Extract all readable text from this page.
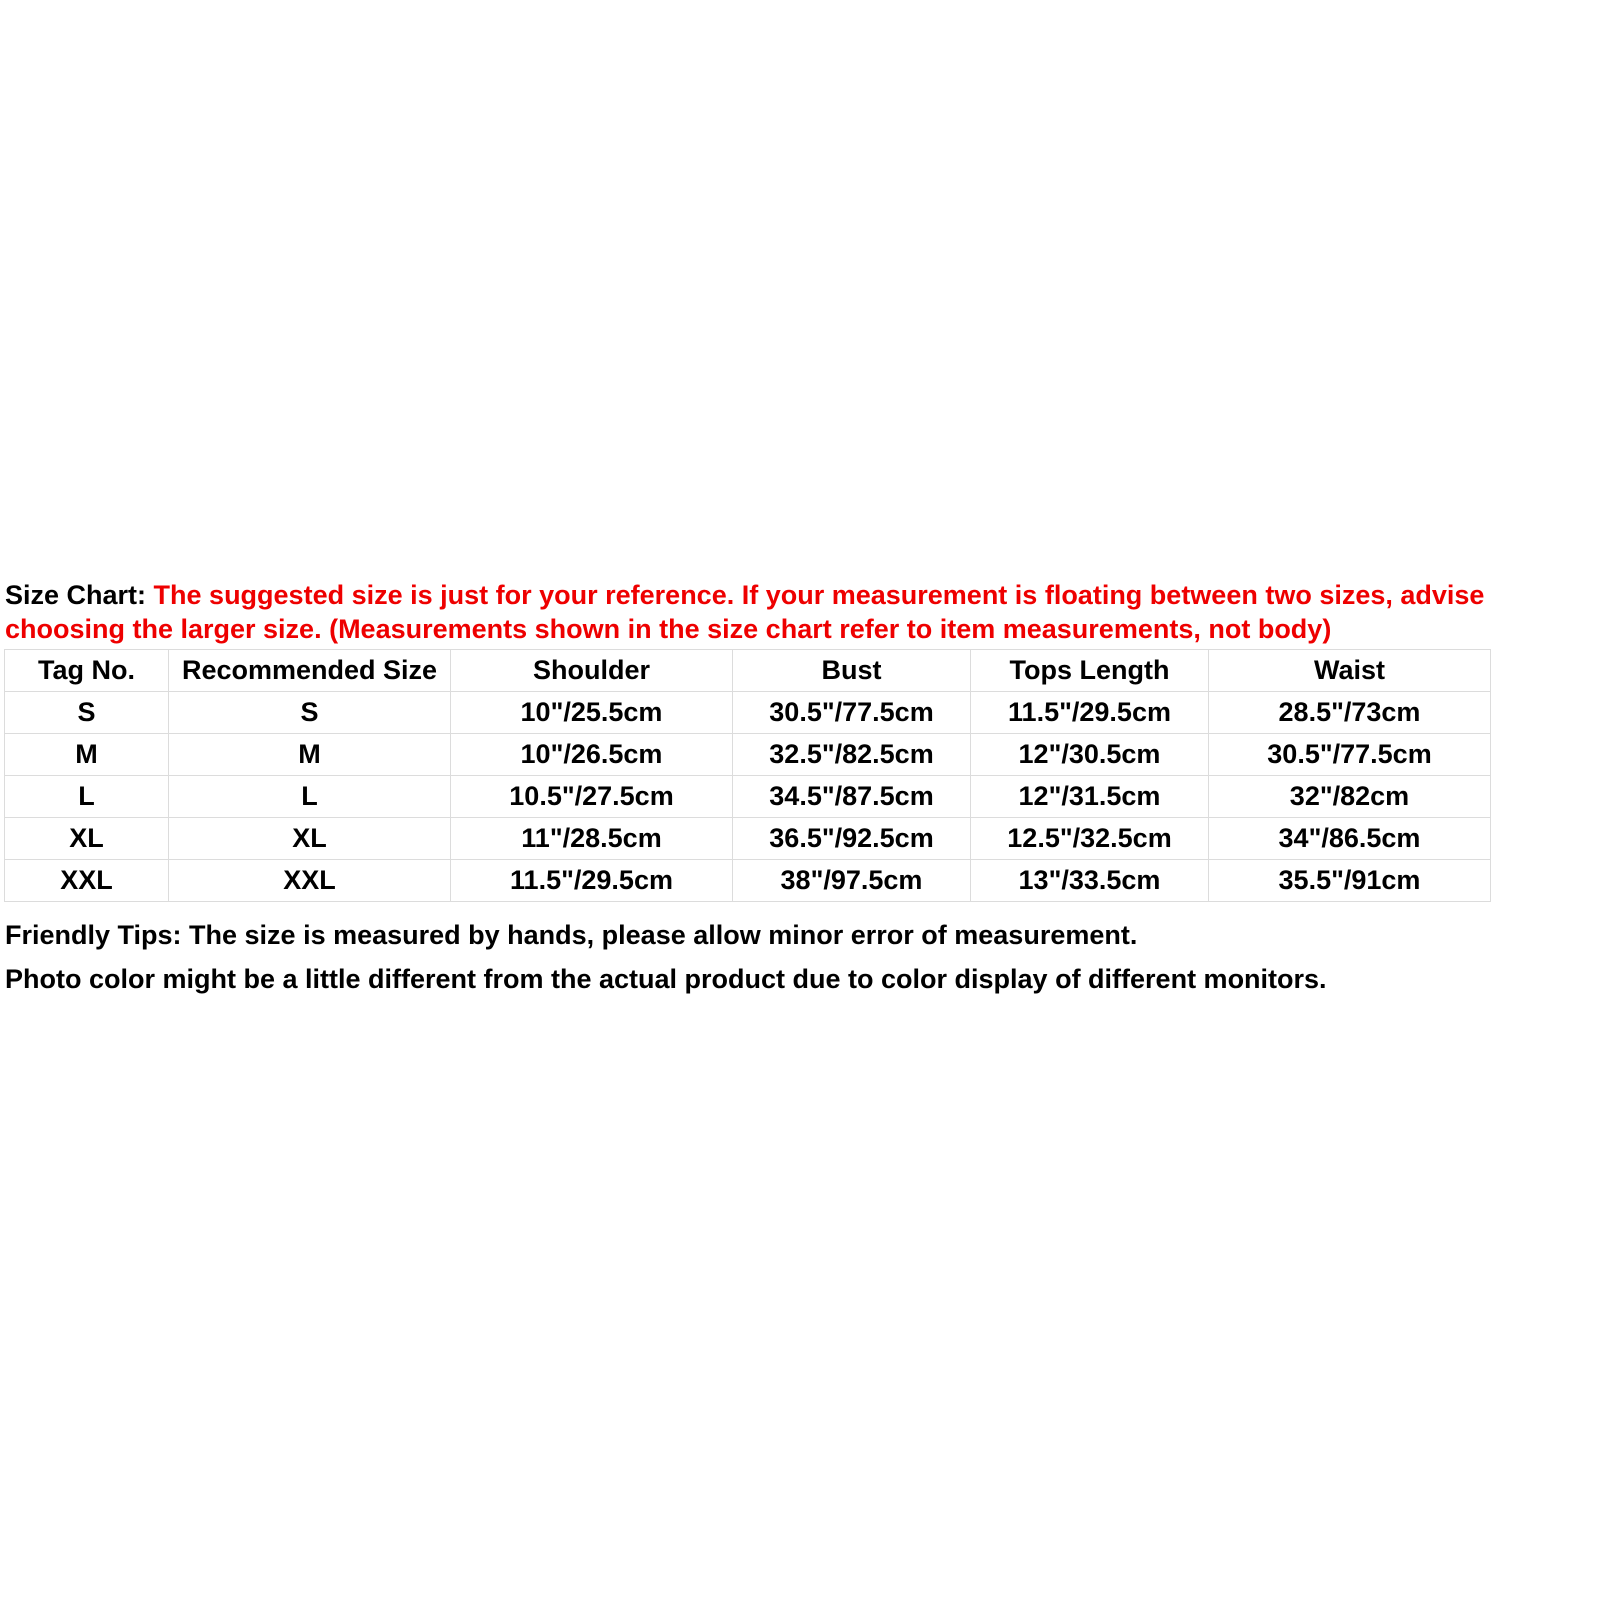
Size Chart: The suggested size is just for your reference. If your measurement is floating between two sizes, advise
choosing the larger size. (Measurements shown in the size chart refer to item measurements, not body)
Tag No.	Recommended Size	Shoulder	Bust	Tops Length	Waist
S	S	10"/25.5cm	30.5"/77.5cm	11.5"/29.5cm	28.5"/73cm
M	M	10"/26.5cm	32.5"/82.5cm	12"/30.5cm	30.5"/77.5cm
L	L	10.5"/27.5cm	34.5"/87.5cm	12"/31.5cm	32"/82cm
XL	XL	11"/28.5cm	36.5"/92.5cm	12.5"/32.5cm	34"/86.5cm
XXL	XXL	11.5"/29.5cm	38"/97.5cm	13"/33.5cm	35.5"/91cm
Friendly Tips: The size is measured by hands, please allow minor error of measurement.
Photo color might be a little different from the actual product due to color display of different monitors.
